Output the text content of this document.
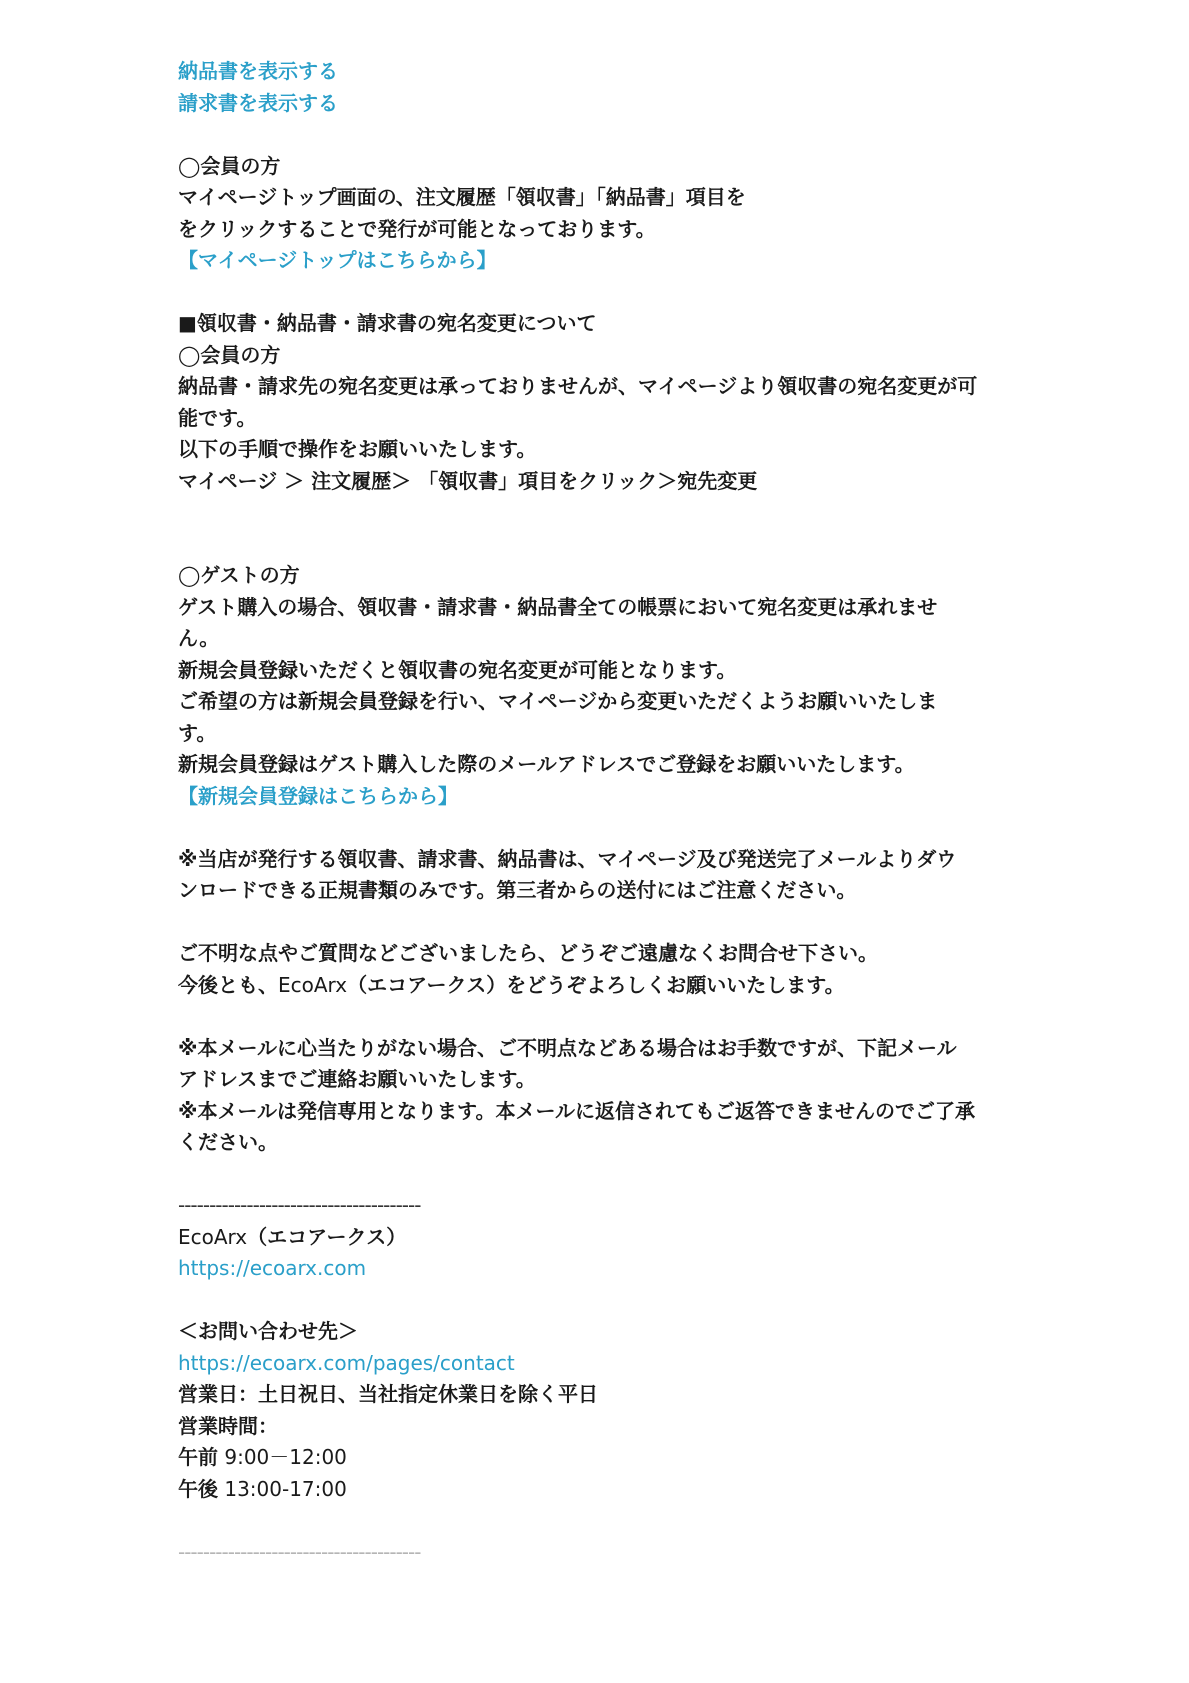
納品書を表示する
請求書を表示する
◯会員の方
マイページトップ画面の、注文履歴「領収書」「納品書」項目を
をクリックすることで発行が可能となっております。
【マイページトップはこちらから】
■領収書・納品書・請求書の宛名変更について
◯会員の方
納品書・請求先の宛名変更は承っておりませんが、マイページより領収書の宛名変更が可
能です。
以下の手順で操作をお願いいたします。
マイページ ＞ 注文履歴＞ 「領収書」項目をクリック＞宛先変更
◯ゲストの方
ゲスト購入の場合、領収書・請求書・納品書全ての帳票において宛名変更は承れませ
ん。
新規会員登録いただくと領収書の宛名変更が可能となります。
ご希望の方は新規会員登録を行い、マイページから変更いただくようお願いいたしま
す。
新規会員登録はゲスト購入した際のメールアドレスでご登録をお願いいたします。
【新規会員登録はこちらから】
※当店が発行する領収書、請求書、納品書は、マイページ及び発送完了メールよりダウ
ンロードできる正規書類のみです。第三者からの送付にはご注意ください。
ご不明な点やご質問などございましたら、どうぞご遠慮なくお問合せ下さい。
今後とも、EcoArx（エコアークス）をどうぞよろしくお願いいたします。
※本メールに心当たりがない場合、ご不明点などある場合はお手数ですが、下記メール
アドレスまでご連絡お願いいたします。
※本メールは発信専用となります。本メールに返信されてもご返答できませんのでご了承
ください。
---------------------------------------
EcoArx（エコアークス）
https://ecoarx.com
＜お問い合わせ先＞
https://ecoarx.com/pages/contact
営業日：土日祝日、当社指定休業日を除く平日
営業時間：
午前 9:00－12:00
午後 13:00-17:00
---------------------------------------
